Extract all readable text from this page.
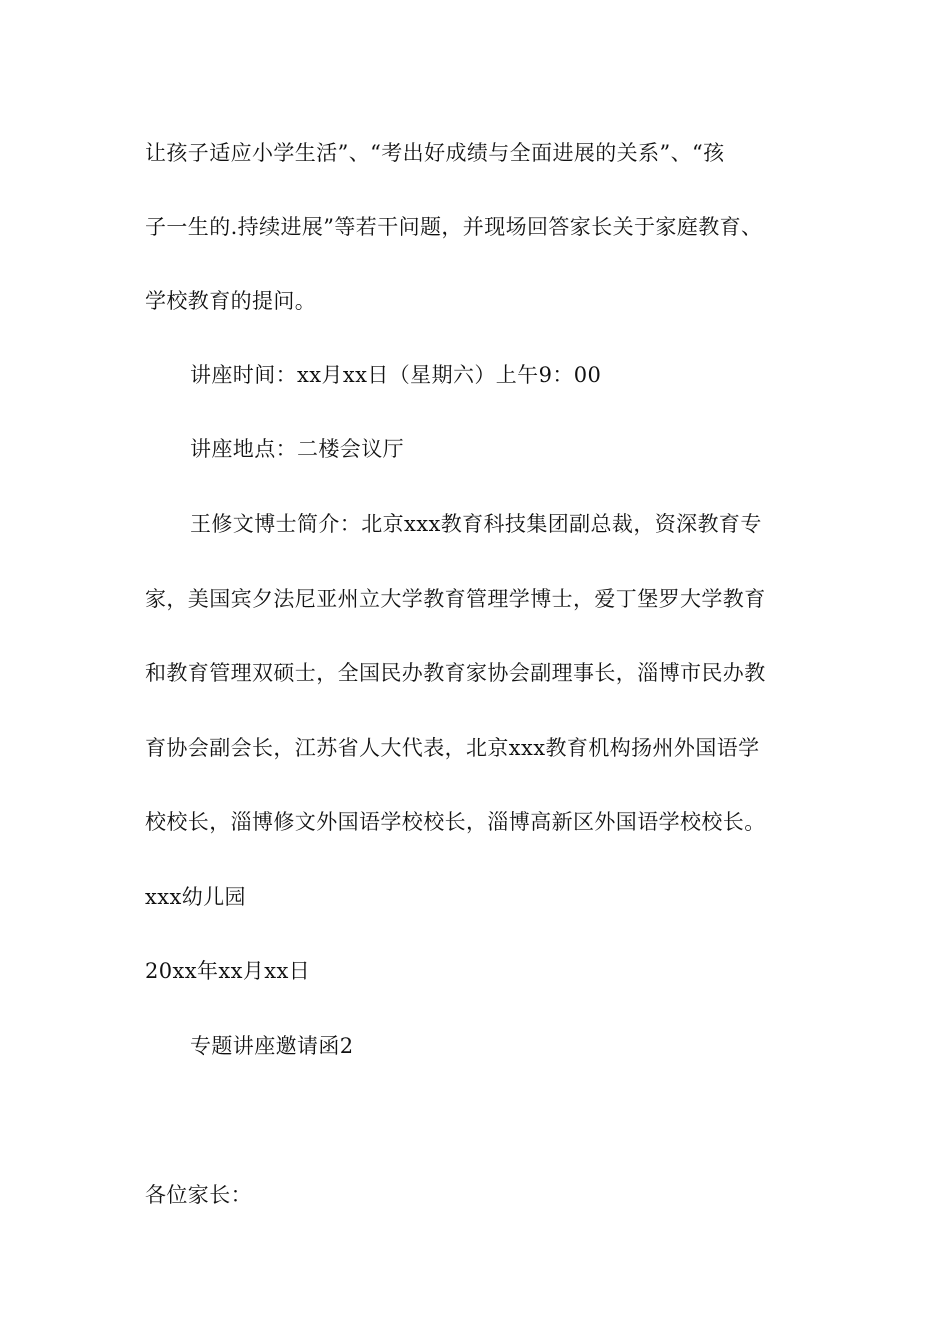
让孩子适应小学生活”、“考出好成绩与全面进展的关系”、“孩
子一生的.持续进展”等若干问题，并现场回答家长关于家庭教育、
学校教育的提问。
讲座时间：xx月xx日（星期六）上午9：00
讲座地点：二楼会议厅
王修文博士简介：北京xxx教育科技集团副总裁，资深教育专
家，美国宾夕法尼亚州立大学教育管理学博士，爱丁堡罗大学教育
和教育管理双硕士，全国民办教育家协会副理事长，淄博市民办教
育协会副会长，江苏省人大代表，北京xxx教育机构扬州外国语学
校校长，淄博修文外国语学校校长，淄博高新区外国语学校校长。
xxx幼儿园
20xx年xx月xx日
专题讲座邀请函2
各位家长：
